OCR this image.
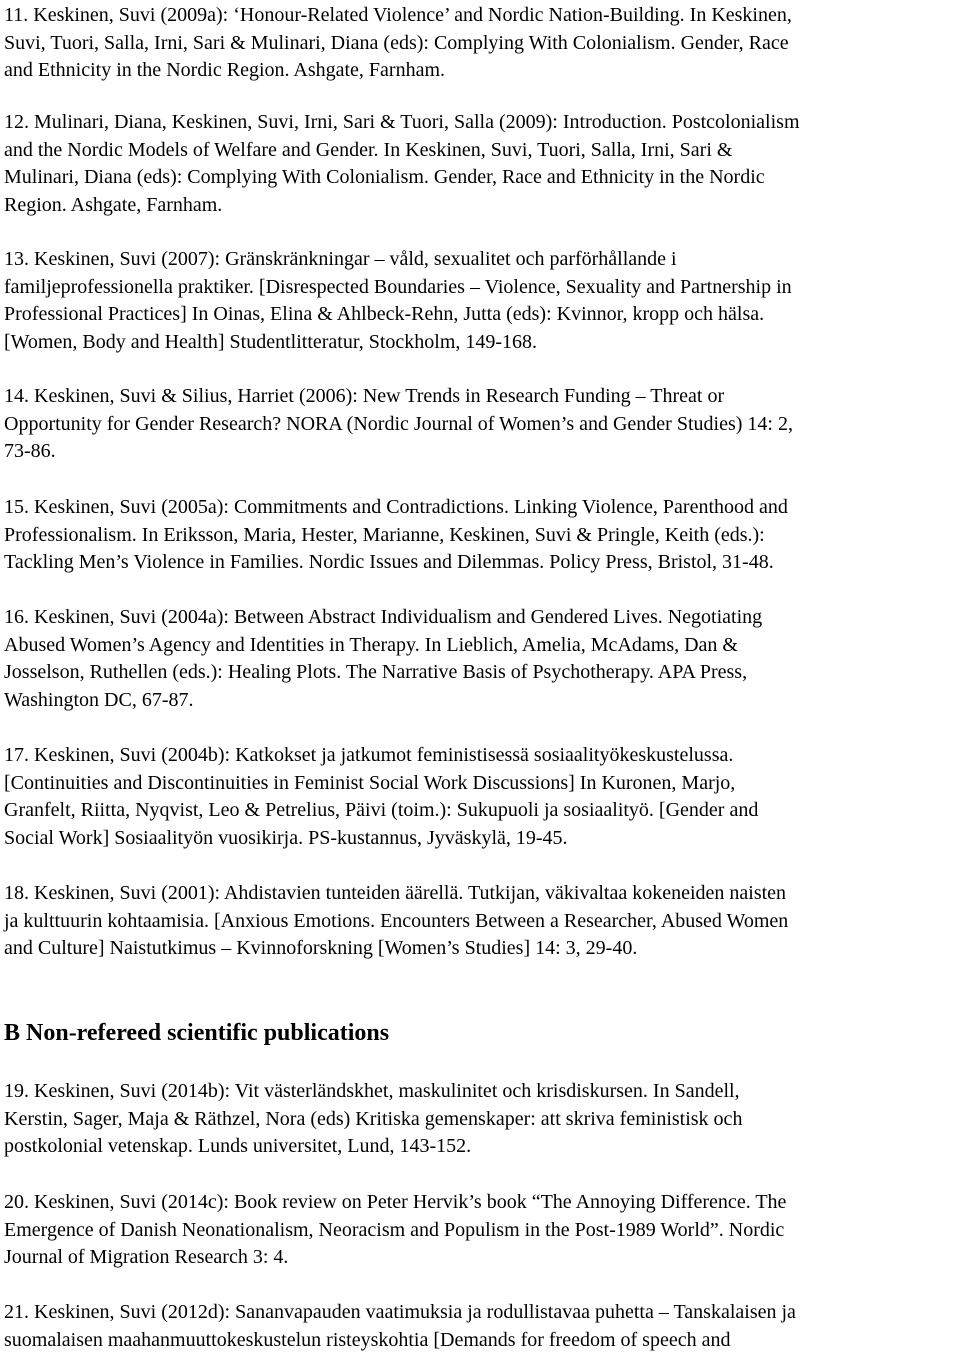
11. Keskinen, Suvi (2009a): ‘Honour-Related Violence’ and Nordic Nation-Building. In Keskinen,
Suvi, Tuori, Salla, Irni, Sari & Mulinari, Diana (eds): Complying With Colonialism. Gender, Race
and Ethnicity in the Nordic Region. Ashgate, Farnham.

12. Mulinari, Diana, Keskinen, Suvi, Irni, Sari & Tuori, Salla (2009): Introduction. Postcolonialism
and the Nordic Models of Welfare and Gender. In Keskinen, Suvi, Tuori, Salla, Irni, Sari &
Mulinari, Diana (eds): Complying With Colonialism. Gender, Race and Ethnicity in the Nordic
Region. Ashgate, Farnham.

13. Keskinen, Suvi (2007): Gränskränkningar – våld, sexualitet och parförhållande i
familjeprofessionella praktiker. [Disrespected Boundaries – Violence, Sexuality and Partnership in
Professional Practices] In Oinas, Elina & Ahlbeck-Rehn, Jutta (eds): Kvinnor, kropp och hälsa.
[Women, Body and Health] Studentlitteratur, Stockholm, 149-168.

14. Keskinen, Suvi & Silius, Harriet (2006): New Trends in Research Funding – Threat or
Opportunity for Gender Research? NORA (Nordic Journal of Women’s and Gender Studies) 14: 2,
73-86.

15. Keskinen, Suvi (2005a): Commitments and Contradictions. Linking Violence, Parenthood and
Professionalism. In Eriksson, Maria, Hester, Marianne, Keskinen, Suvi & Pringle, Keith (eds.):
Tackling Men’s Violence in Families. Nordic Issues and Dilemmas. Policy Press, Bristol, 31-48.

16. Keskinen, Suvi (2004a): Between Abstract Individualism and Gendered Lives. Negotiating
Abused Women’s Agency and Identities in Therapy. In Lieblich, Amelia, McAdams, Dan &
Josselson, Ruthellen (eds.): Healing Plots. The Narrative Basis of Psychotherapy. APA Press,
Washington DC, 67-87.

17. Keskinen, Suvi (2004b): Katkokset ja jatkumot feministisessä sosiaalityökeskustelussa.
[Continuities and Discontinuities in Feminist Social Work Discussions] In Kuronen, Marjo,
Granfelt, Riitta, Nyqvist, Leo & Petrelius, Päivi (toim.): Sukupuoli ja sosiaalityö. [Gender and
Social Work] Sosiaalityön vuosikirja. PS-kustannus, Jyväskylä, 19-45.

18. Keskinen, Suvi (2001): Ahdistavien tunteiden äärellä. Tutkijan, väkivaltaa kokeneiden naisten
ja kulttuurin kohtaamisia. [Anxious Emotions. Encounters Between a Researcher, Abused Women
and Culture] Naistutkimus – Kvinnoforskning [Women’s Studies] 14: 3, 29-40.

B Non-refereed scientific publications

19. Keskinen, Suvi (2014b): Vit västerländskhet, maskulinitet och krisdiskursen. In Sandell,
Kerstin, Sager, Maja & Räthzel, Nora (eds) Kritiska gemenskaper: att skriva feministisk och
postkolonial vetenskap. Lunds universitet, Lund, 143-152.

20. Keskinen, Suvi (2014c): Book review on Peter Hervik’s book “The Annoying Difference. The
Emergence of Danish Neonationalism, Neoracism and Populism in the Post-1989 World”. Nordic
Journal of Migration Research 3: 4.

21. Keskinen, Suvi (2012d): Sananvapauden vaatimuksia ja rodullistavaa puhetta – Tanskalaisen ja
suomalaisen maahanmuuttokeskustelun risteyskohtia [Demands for freedom of speech and
